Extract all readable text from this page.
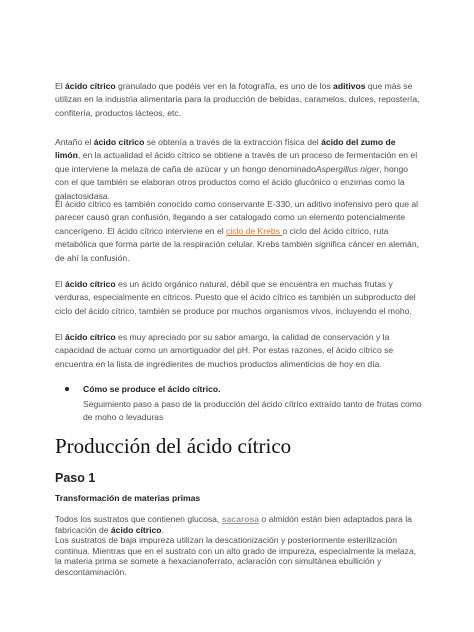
El ácido cítrico granulado que podéis ver en la fotografía, es uno de los aditivos que más se utilizan en la industria alimentaria para la producción de bebidas, caramelos, dulces, repostería, confitería, productos lácteos, etc.

Antaño el ácido cítrico se obtenía a través de la extracción física del ácido del zumo de limón, en la actualidad el ácido cítrico se obtiene a través de un proceso de fermentación en el que interviene la melaza de caña de azúcar y un hongo denominadoAspergillus niger, hongo con el que también se elaboran otros productos como el ácido glucónico o enzimas como la galactosidasa.

El ácido cítrico es también conocido como conservante E-330, un aditivo inofensivo pero que al parecer causó gran confusión, llegando a ser catalogado como un elemento potencialmente cancerígeno. El ácido cítrico interviene en el ciclo de Krebs o ciclo del ácido cítrico, ruta metabólica que forma parte de la respiración celular. Krebs también significa cáncer en alemán, de ahí la confusión.

El ácido cítrico es un ácido orgánico natural, débil que se encuentra en muchas frutas y verduras, especialmente en cítricos. Puesto que el ácido cítrico es también un subproducto del ciclo del ácido cítrico, también se produce por muchos organismos vivos, incluyendo el moho.

El ácido cítrico es muy apreciado por su sabor amargo, la calidad de conservación y la capacidad de actuar como un amortiguador del pH. Por estas razones, el ácido cítrico se encuentra en la lista de ingredientes de muchos productos alimenticios de hoy en día.

Cómo se produce el ácido cítrico.

Seguimiento paso a paso de la producción del ácido cítrico extraído tanto de frutas como de moho o levaduras

Producción del ácido cítrico
Paso 1
Transformación de materias primas

Todos los sustratos que contienen glucosa, sacarosa o almidón están bien adaptados para la fabricación de ácido cítrico.
Los sustratos de baja impureza utilizan la descationización y posteriormente esterilización continua. Mientras que en el sustrato con un alto grado de impureza, especialmente la melaza, la materia prima se somete a hexacianoferrato, aclaración con simultánea ebullición y descontaminación.
